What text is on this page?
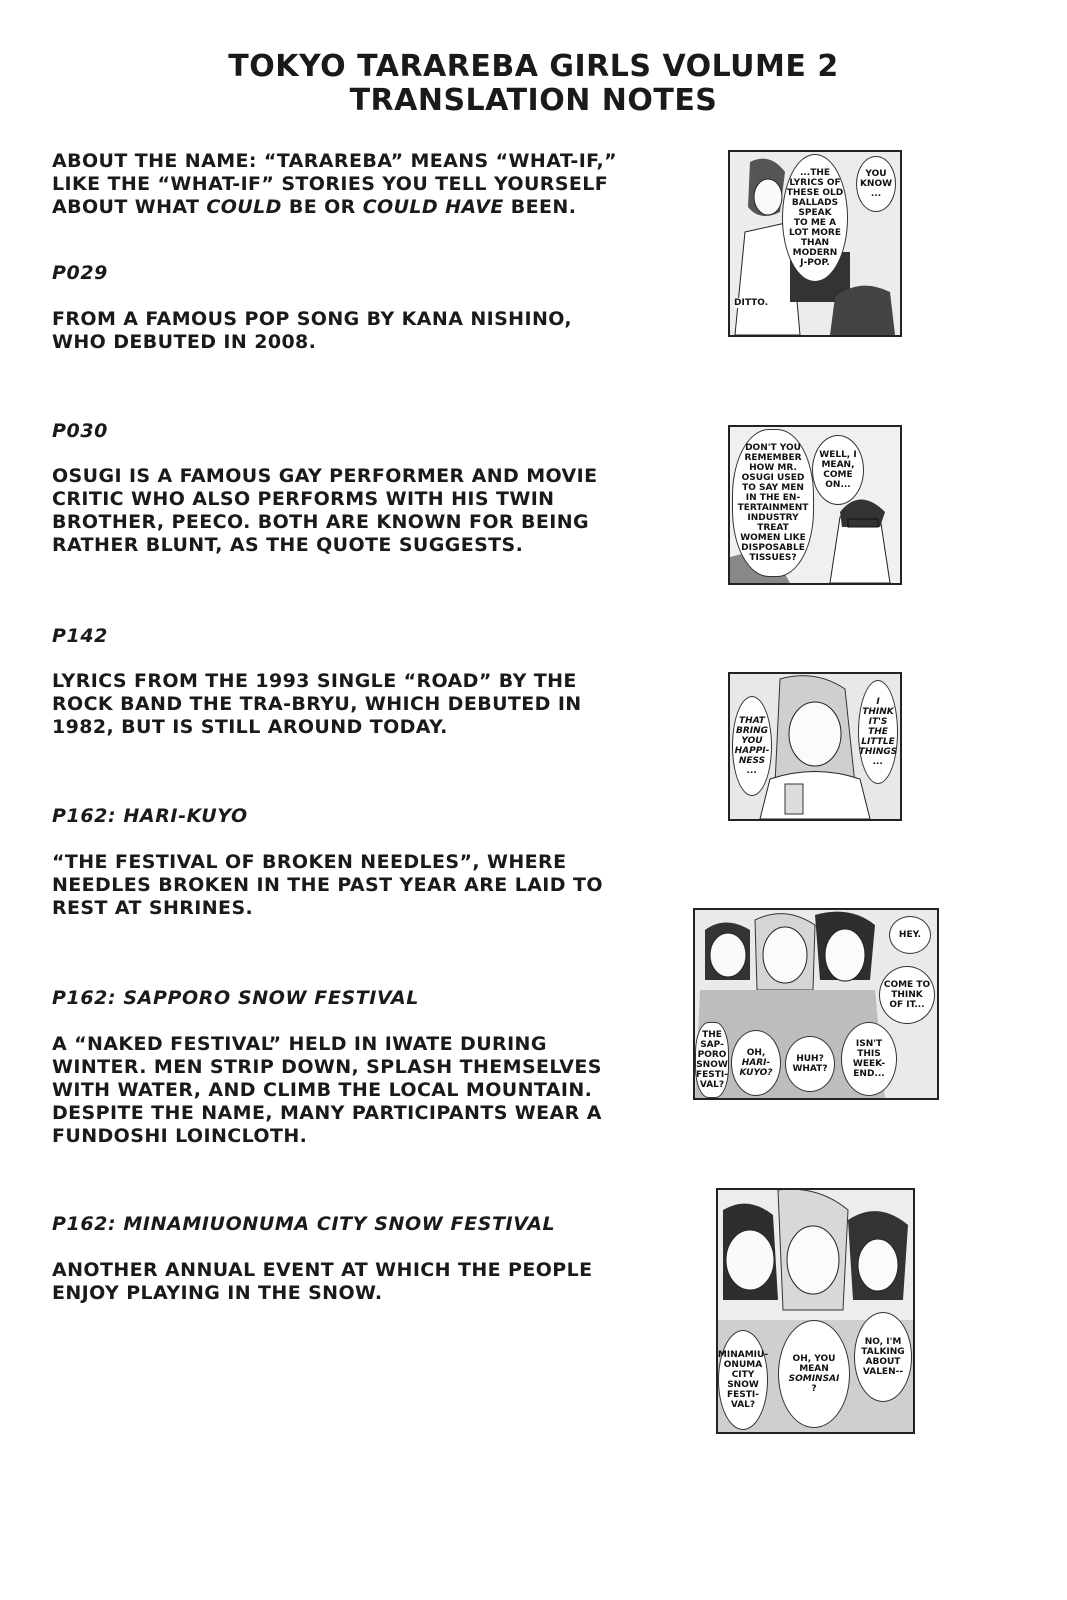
TOKYO TARAREBA GIRLS VOLUME 2
TRANSLATION NOTES
ABOUT THE NAME: “TARAREBA” MEANS “WHAT-IF,”
LIKE THE “WHAT-IF” STORIES YOU TELL YOURSELF
ABOUT WHAT COULD BE OR COULD HAVE BEEN.
P029
FROM A FAMOUS POP SONG BY KANA NISHINO,
WHO DEBUTED IN 2008.
P030
OSUGI IS A FAMOUS GAY PERFORMER AND MOVIE
CRITIC WHO ALSO PERFORMS WITH HIS TWIN
BROTHER, PEECO. BOTH ARE KNOWN FOR BEING
RATHER BLUNT, AS THE QUOTE SUGGESTS.
P142
LYRICS FROM THE 1993 SINGLE “ROAD” BY THE
ROCK BAND THE TRA-BRYU, WHICH DEBUTED IN
1982, BUT IS STILL AROUND TODAY.
P162: HARI-KUYO
“THE FESTIVAL OF BROKEN NEEDLES”, WHERE
NEEDLES BROKEN IN THE PAST YEAR ARE LAID TO
REST AT SHRINES.
P162: SAPPORO SNOW FESTIVAL
A “NAKED FESTIVAL” HELD IN IWATE DURING
WINTER. MEN STRIP DOWN, SPLASH THEMSELVES
WITH WATER, AND CLIMB THE LOCAL MOUNTAIN.
DESPITE THE NAME, MANY PARTICIPANTS WEAR A
FUNDOSHI LOINCLOTH.
P162: MINAMIUONUMA CITY SNOW FESTIVAL
ANOTHER ANNUAL EVENT AT WHICH THE PEOPLE
ENJOY PLAYING IN THE SNOW.
...THE
LYRICS OF
THESE OLD
BALLADS
SPEAK
TO ME A
LOT MORE
THAN
MODERN
J-POP.
YOU
KNOW
...
DITTO.
DON'T YOU
REMEMBER
HOW MR.
OSUGI USED
TO SAY MEN
IN THE EN-
TERTAINMENT
INDUSTRY
TREAT
WOMEN LIKE
DISPOSABLE
TISSUES?
WELL, I
MEAN,
COME
ON...
THAT
BRING
YOU
HAPPI-
NESS
...
I
THINK
IT'S THE
LITTLE
THINGS
...
HEY.
COME TO
THINK
OF IT...
THE
SAP-
PORO
SNOW
FESTI-
VAL?
OH,
HARI-
KUYO?
HUH?
WHAT?
ISN'T
THIS
WEEK-
END...
MINAMIU-
ONUMA
CITY
SNOW
FESTI-
VAL?
OH, YOU
MEAN
SOMINSAI
?
NO, I'M
TALKING
ABOUT
VALEN--
